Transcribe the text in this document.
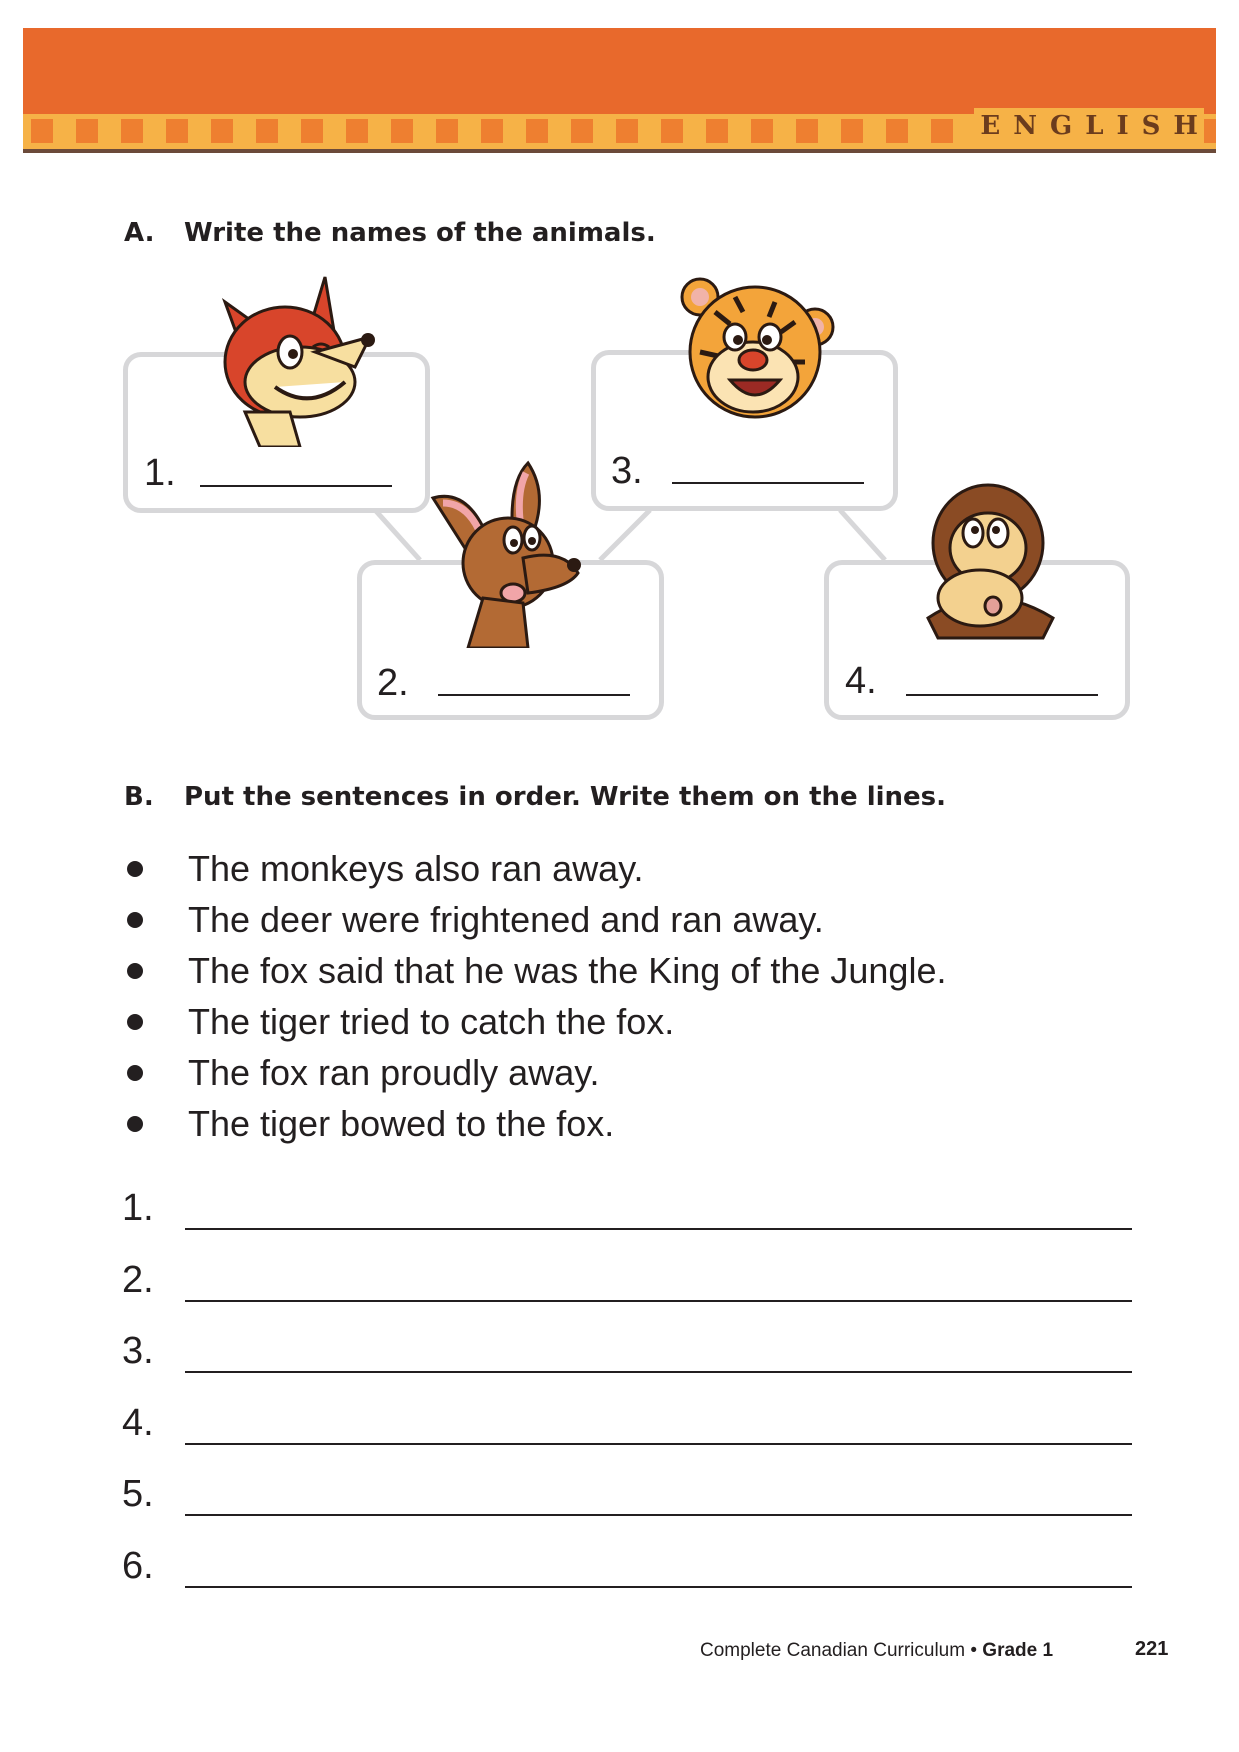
E N G L I S H
A. Write the names of the animals.
1.
2.
3.
4.
B. Put the sentences in order. Write them on the lines.
The monkeys also ran away.
The deer were frightened and ran away.
The fox said that he was the King of the Jungle.
The tiger tried to catch the fox.
The fox ran proudly away.
The tiger bowed to the fox.
1.
2.
3.
4.
5.
6.
Complete Canadian Curriculum • Grade 1	221
